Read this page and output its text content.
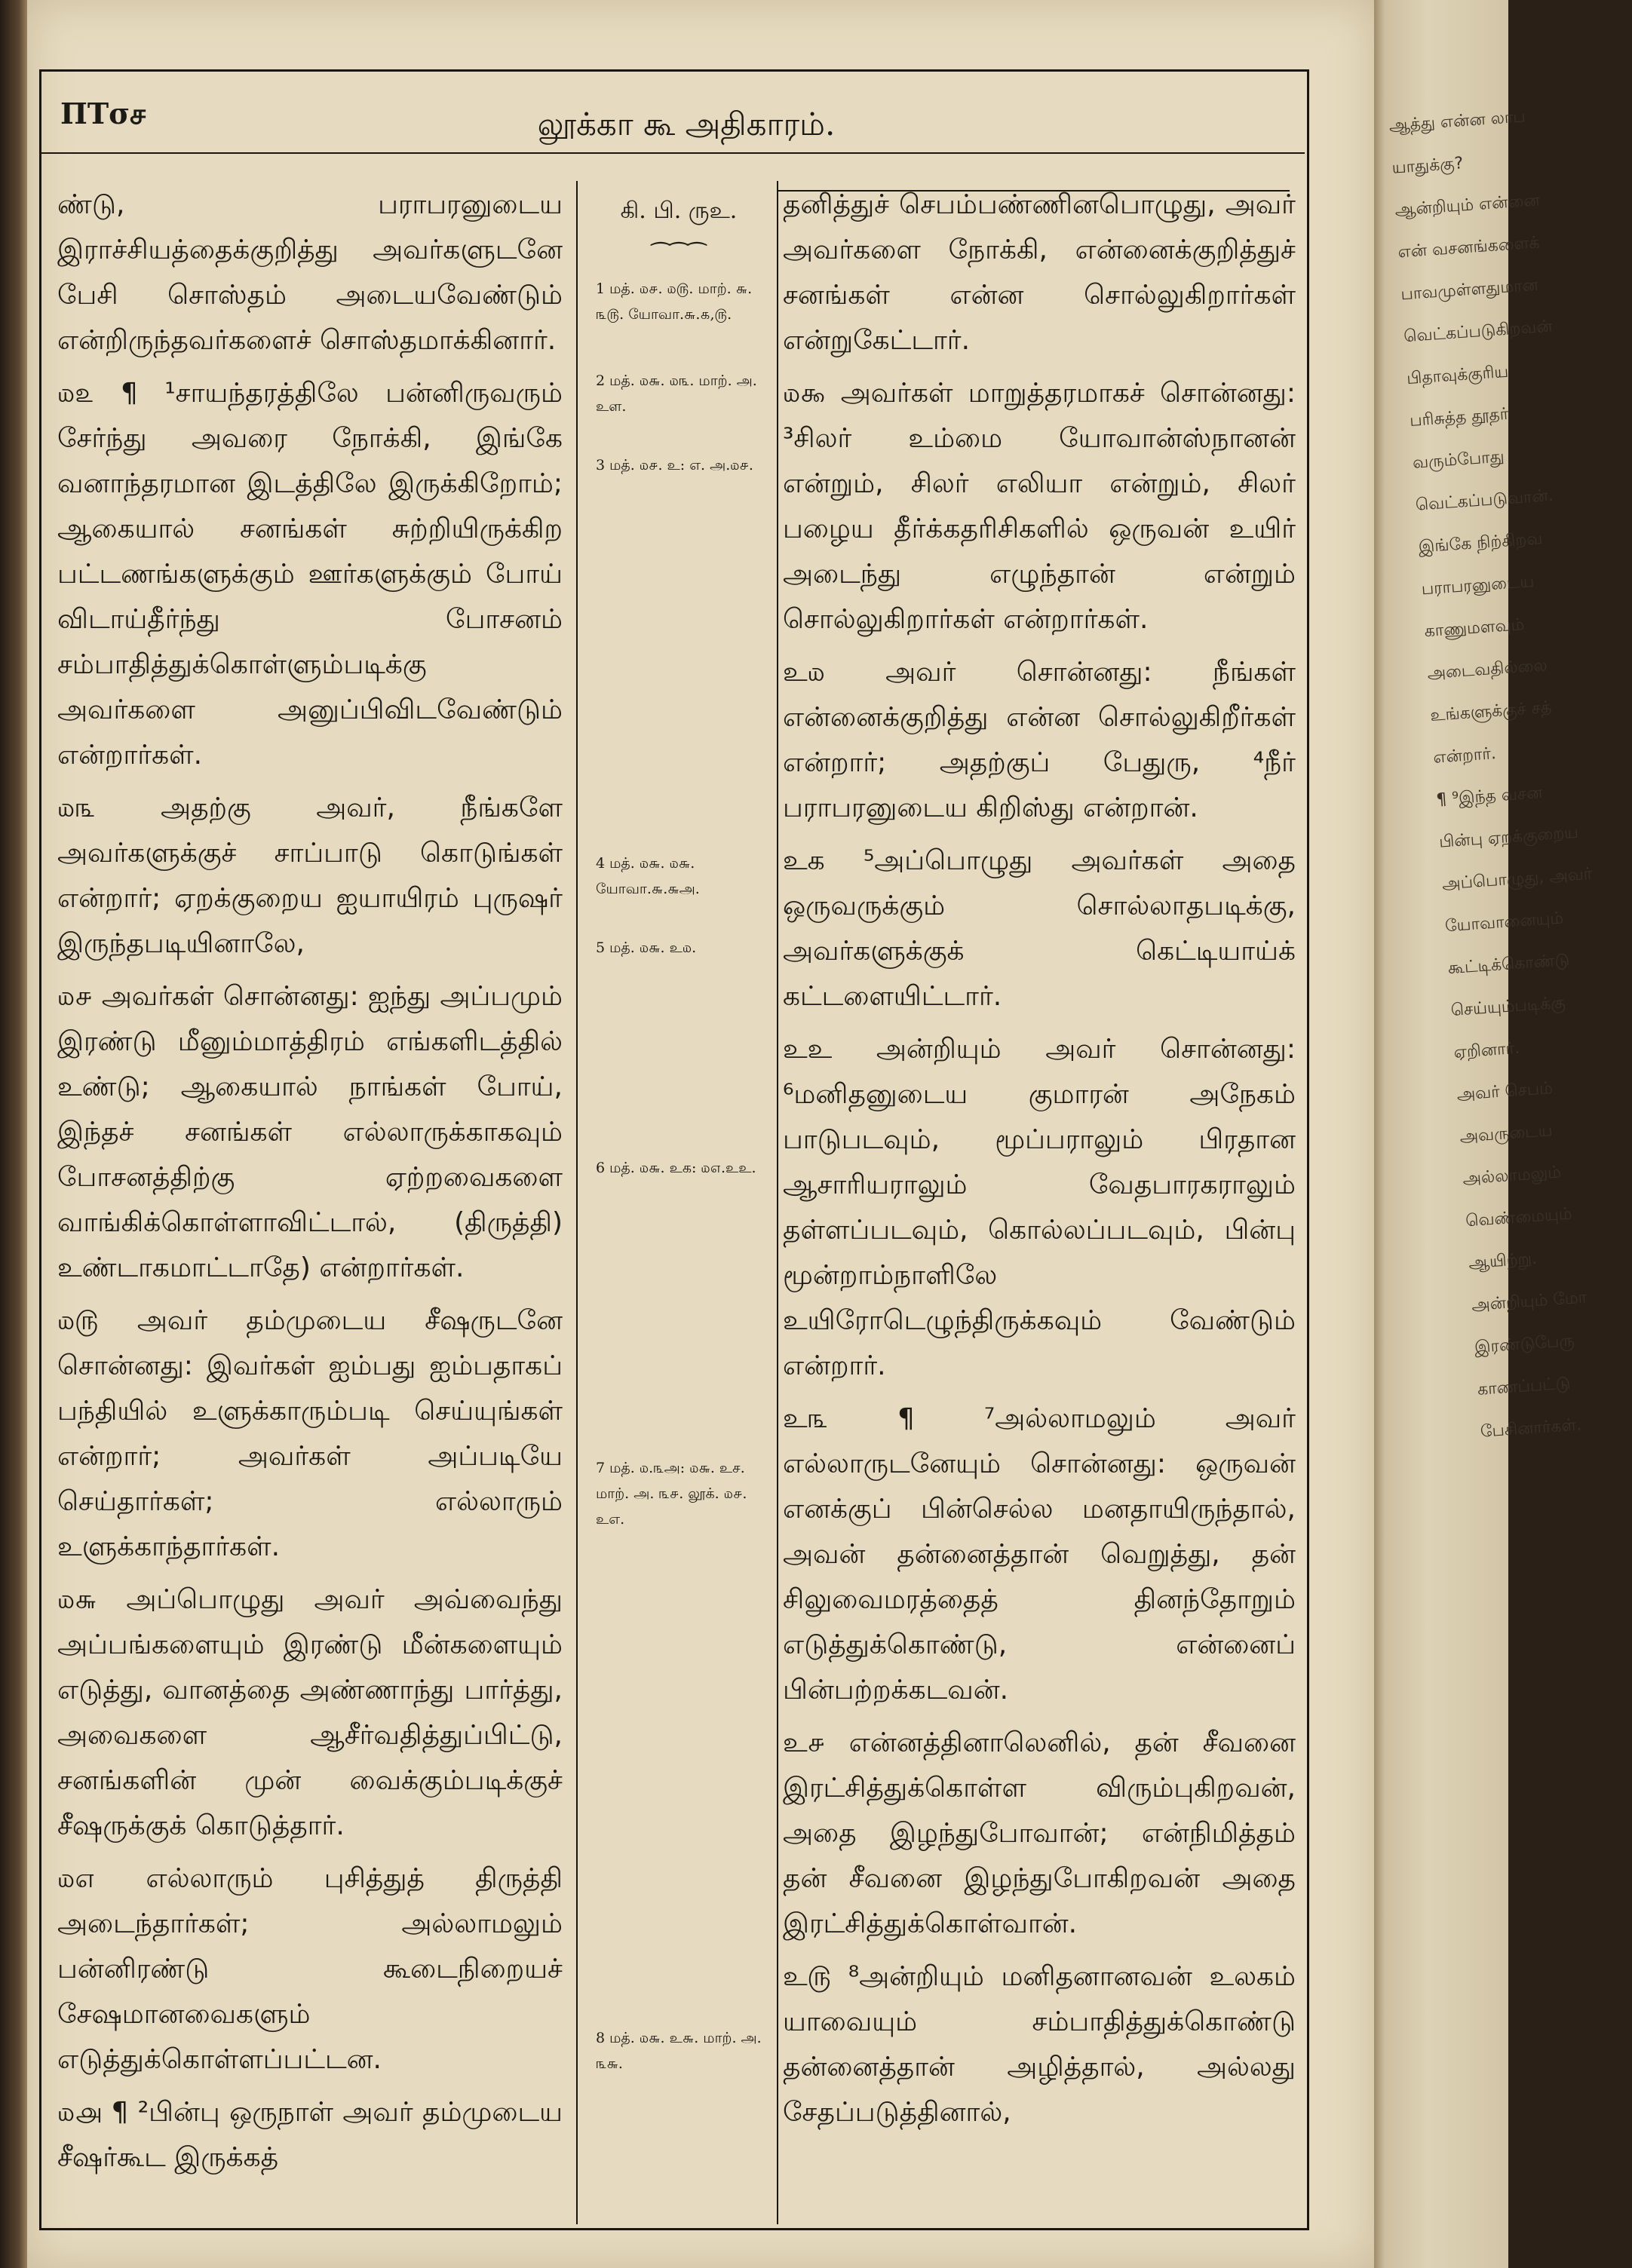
ΠΤσச	லூக்கா கூ அதிகாரம்.

ண்டு, பராபரனுடைய இராச்சியத்தைக்குறித்து அவர்களுடனே பேசி சொஸ்தம் அடையவேண்டும் என்றிருந்தவர்களைச் சொஸ்தமாக்கினார்.

௰௨ ¶ ¹சாயந்தரத்திலே பன்னிருவரும் சேர்ந்து அவரை நோக்கி, இங்கே வனாந்தரமான இடத்திலே இருக்கிறோம்; ஆகையால் சனங்கள் சுற்றியிருக்கிற பட்டணங்களுக்கும் ஊர்களுக்கும் போய் விடாய்தீர்ந்து போசனம் சம்பாதித்துக்கொள்ளும்படிக்கு அவர்களை அனுப்பிவிடவேண்டும் என்றார்கள்.

௰௩ அதற்கு அவர், நீங்களே அவர்களுக்குச் சாப்பாடு கொடுங்கள் என்றார்; ஏறக்குறைய ஐயாயிரம் புருஷர் இருந்தபடியினாலே,

௰௪ அவர்கள் சொன்னது: ஐந்து அப்பமும் இரண்டு மீனும்மாத்திரம் எங்களிடத்தில் உண்டு; ஆகையால் நாங்கள் போய், இந்தச் சனங்கள் எல்லாருக்காகவும் போசனத்திற்கு ஏற்றவைகளை வாங்கிக்கொள்ளாவிட்டால், (திருத்தி) உண்டாகமாட்டாதே) என்றார்கள்.

௰௫ அவர் தம்முடைய சீஷருடனே சொன்னது: இவர்கள் ஐம்பது ஐம்பதாகப் பந்தியில் உளுக்காரும்படி செய்யுங்கள் என்றார்; அவர்கள் அப்படியே செய்தார்கள்; எல்லாரும் உளுக்காந்தார்கள்.

௰௬ அப்பொழுது அவர் அவ்வைந்து அப்பங்களையும் இரண்டு மீன்களையும் எடுத்து, வானத்தை அண்ணாந்து பார்த்து, அவைகளை ஆசீர்வதித்துப்பிட்டு, சனங்களின் முன் வைக்கும்படிக்குச் சீஷருக்குக் கொடுத்தார்.

௰௭ எல்லாரும் புசித்துத் திருத்தி அடைந்தார்கள்; அல்லாமலும் பன்னிரண்டு கூடைநிறையச் சேஷமானவைகளும் எடுத்துக்கொள்ளப்பட்டன.

௰௮ ¶ ²பின்பு ஒருநாள் அவர் தம்முடைய சீஷர்கூட இருக்கத்

கி. பி. ருஉ.
⁀⁀⁀
1 மத். ௰௪. ௰௫. மாற். ௬. ௩௫. யோவா.௬.௧,௫.
2 மத். ௰௬. ௰௩. மாற். அ. உள.
3 மத். ௰௪. உ: எ. அ.௰௪.
4 மத். ௰௬. ௰௬. யோவா.௬.௬அ.
5 மத். ௰௬. உ௰.
6 மத். ௰௬. உக: ௰௭.உஉ.
7 மத். ௰.௩அ: ௰௬. உச. மாற். அ. ௩௪. லூக். ௰௪. உஎ.
8 மத். ௰௬. உ௬. மாற். அ. ௩௬.

தனித்துச் செபம்பண்ணினபொழுது, அவர் அவர்களை நோக்கி, என்னைக்குறித்துச் சனங்கள் என்ன சொல்லுகிறார்கள் என்றுகேட்டார்.

௰௯ அவர்கள் மாறுத்தரமாகச் சொன்னது: ³சிலர் உம்மை யோவான்ஸ்நானன் என்றும், சிலர் எலியா என்றும், சிலர் பழைய தீர்க்கதரிசிகளில் ஒருவன் உயிர் அடைந்து எழுந்தான் என்றும் சொல்லுகிறார்கள் என்றார்கள்.

உ௰ அவர் சொன்னது: நீங்கள் என்னைக்குறித்து என்ன சொல்லுகிறீர்கள் என்றார்; அதற்குப் பேதுரு, ⁴நீர் பராபரனுடைய கிறிஸ்து என்றான்.

உக ⁵அப்பொழுது அவர்கள் அதை ஒருவருக்கும் சொல்லாதபடிக்கு, அவர்களுக்குக் கெட்டியாய்க் கட்டளையிட்டார்.

உஉ அன்றியும் அவர் சொன்னது: ⁶மனிதனுடைய குமாரன் அநேகம் பாடுபடவும், மூப்பராலும் பிரதான ஆசாரியராலும் வேதபாரகராலும் தள்ளப்படவும், கொல்லப்படவும், பின்பு மூன்றாம்நாளிலே உயிரோடெழுந்திருக்கவும் வேண்டும் என்றார்.

உ௩ ¶ ⁷அல்லாமலும் அவர் எல்லாருடனேயும் சொன்னது: ஒருவன் எனக்குப் பின்செல்ல மனதாயிருந்தால், அவன் தன்னைத்தான் வெறுத்து, தன் சிலுவைமரத்தைத் தினந்தோறும் எடுத்துக்கொண்டு, என்னைப் பின்பற்றக்கடவன்.

உ௪ என்னத்தினாலெனில், தன் சீவனை இரட்சித்துக்கொள்ள விரும்புகிறவன், அதை இழந்துபோவான்; என்நிமித்தம் தன் சீவனை இழந்துபோகிறவன் அதை இரட்சித்துக்கொள்வான்.

உ௫ ⁸அன்றியும் மனிதனானவன் உலகம் யாவையும் சம்பாதித்துக்கொண்டு தன்னைத்தான் அழித்தால், அல்லது சேதப்படுத்தினால்,

ஆத்து என்ன லாப
யாதுக்கு?
ஆன்றியும் என்னை
என் வசனங்களைக்
பாவமுள்ளதுமான
வெட்கப்படுகிறவன்
பிதாவுக்குரிய
பரிசுத்த தூதர்
வரும்போது
வெட்கப்படுவான்.
இங்கே நிற்கிறவ
பராபரனுடைய
காணுமளவும்
அடைவதில்லை
உங்களுக்குச் சத்
என்றார்.
¶ ⁹இந்த வசன
பின்பு ஏறக்குறைய
அப்பொழுது, அவர்
யோவானையும்
கூட்டிக்கொண்டு
செய்யும்படிக்கு
ஏறினார்.
அவர் செபம்
அவருடைய
அல்லாமலும்
வெண்மையும்
ஆயிற்று.
அன்றியும் மோ
இரண்டுபேரு
காணப்பட்டு
பேசினார்கள்.
